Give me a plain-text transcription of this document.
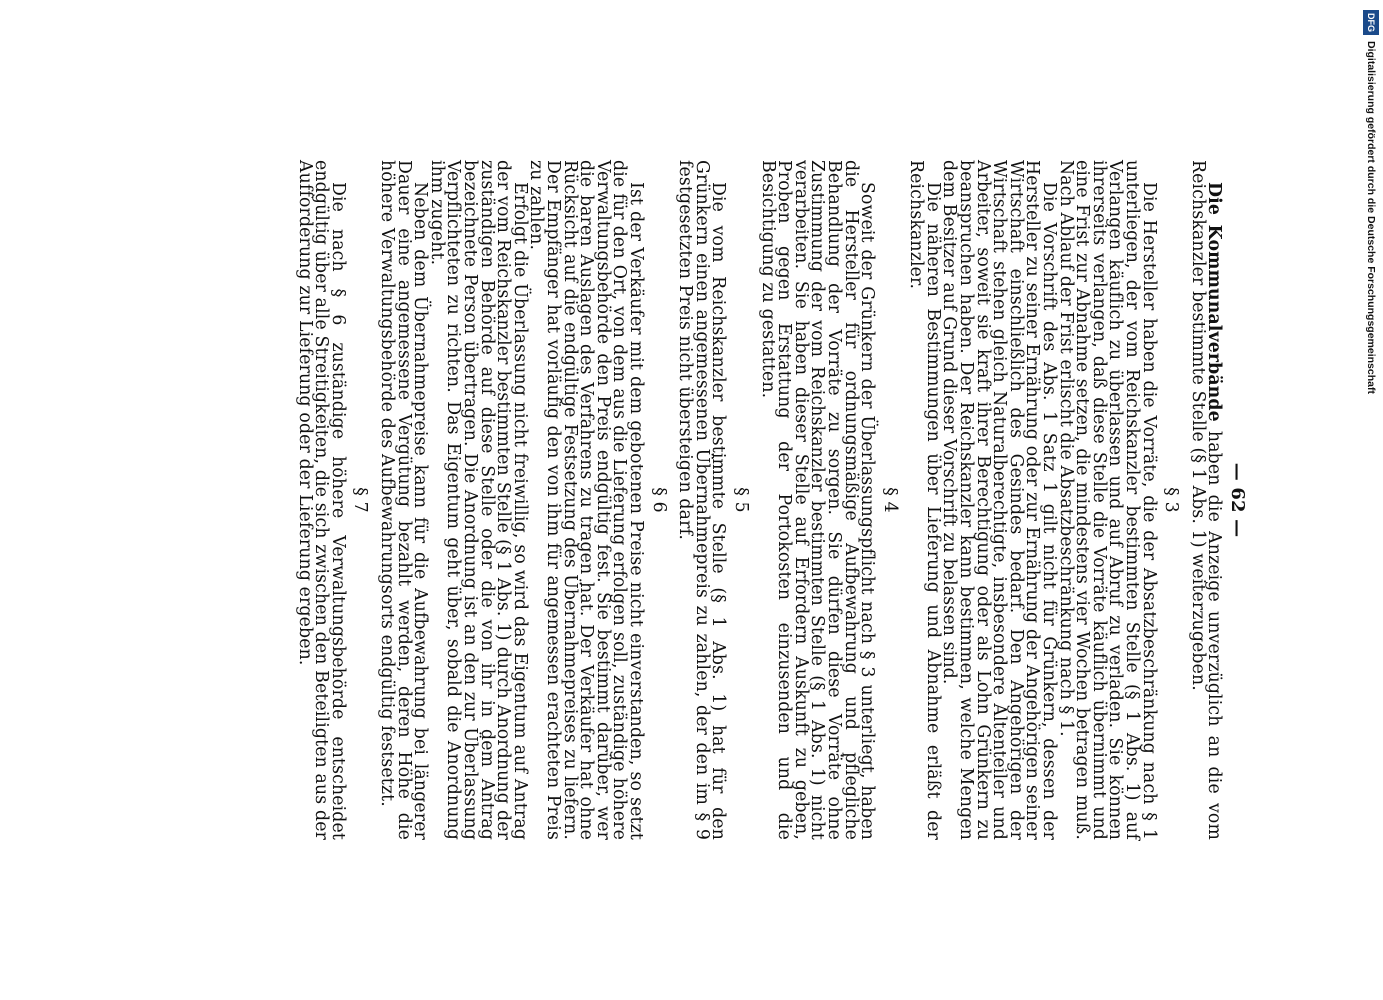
— 62 —

Die Kommunalverbände haben die Anzeige unverzüglich an die vom Reichskanzler bestimmte Stelle (§ 1 Abs. 1) weiterzugeben.

§ 3

Die Hersteller haben die Vorräte, die der Absatzbeschränkung nach § 1 unterliegen, der vom Reichskanzler bestimmten Stelle (§ 1 Abs. 1) auf Verlangen käuflich zu überlassen und auf Abruf zu verladen. Sie können ihrerseits verlangen, daß diese Stelle die Vorräte käuflich übernimmt und eine Frist zur Abnahme setzen, die mindestens vier Wochen betragen muß. Nach Ablauf der Frist erlischt die Absatzbeschränkung nach § 1.

Die Vorschrift des Abs. 1 Satz 1 gilt nicht für Grünkern, dessen der Hersteller zu seiner Ernährung oder zur Ernährung der Angehörigen seiner Wirtschaft einschließlich des Gesindes bedarf. Den Angehörigen der Wirtschaft stehen gleich Naturalberechtigte, insbesondere Altenteiler und Arbeiter, soweit sie kraft ihrer Berechtigung oder als Lohn Grünkern zu beanspruchen haben. Der Reichskanzler kann bestimmen, welche Mengen dem Besitzer auf Grund dieser Vorschrift zu belassen sind.

Die näheren Bestimmungen über Lieferung und Abnahme erläßt der Reichskanzler.

§ 4

Soweit der Grünkern der Überlassungspflicht nach § 3 unterliegt, haben die Hersteller für ordnungsmäßige Aufbewahrung und pflegliche Behandlung der Vorräte zu sorgen. Sie dürfen diese Vorräte ohne Zustimmung der vom Reichskanzler bestimmten Stelle (§ 1 Abs. 1) nicht verarbeiten. Sie haben dieser Stelle auf Erfordern Auskunft zu geben, Proben gegen Erstattung der Portokosten einzusenden und die Besichtigung zu gestatten.

§ 5

Die vom Reichskanzler bestimmte Stelle (§ 1 Abs. 1) hat für den Grünkern einen angemessenen Übernahmepreis zu zahlen, der den im § 9 festgesetzten Preis nicht übersteigen darf.

§ 6

Ist der Verkäufer mit dem gebotenen Preise nicht einverstanden, so setzt die für den Ort, von dem aus die Lieferung erfolgen soll, zuständige höhere Verwaltungsbehörde den Preis endgültig fest. Sie bestimmt darüber, wer die baren Auslagen des Verfahrens zu tragen hat. Der Verkäufer hat ohne Rücksicht auf die endgültige Festsetzung des Übernahmepreises zu liefern. Der Empfänger hat vorläufig den von ihm für angemessen erachteten Preis zu zahlen.

Erfolgt die Überlassung nicht freiwillig, so wird das Eigentum auf Antrag der vom Reichskanzler bestimmten Stelle (§ 1 Abs. 1) durch Anordnung der zuständigen Behörde auf diese Stelle oder die von ihr in dem Antrag bezeichnete Person übertragen. Die Anordnung ist an den zur Überlassung Verpflichteten zu richten. Das Eigentum geht über, sobald die Anordnung ihm zugeht.

Neben dem Übernahmepreise kann für die Aufbewahrung bei längerer Dauer eine angemessene Vergütung bezahlt werden, deren Höhe die höhere Verwaltungsbehörde des Aufbewahrungsorts endgültig festsetzt.

§ 7

Die nach § 6 zuständige höhere Verwaltungsbehörde entscheidet endgültig über alle Streitigkeiten, die sich zwischen den Beteiligten aus der Aufforderung zur Lieferung oder der Lieferung ergeben.

DFG
Digitalisierung gefördert durch die Deutsche Forschungsgemeinschaft
